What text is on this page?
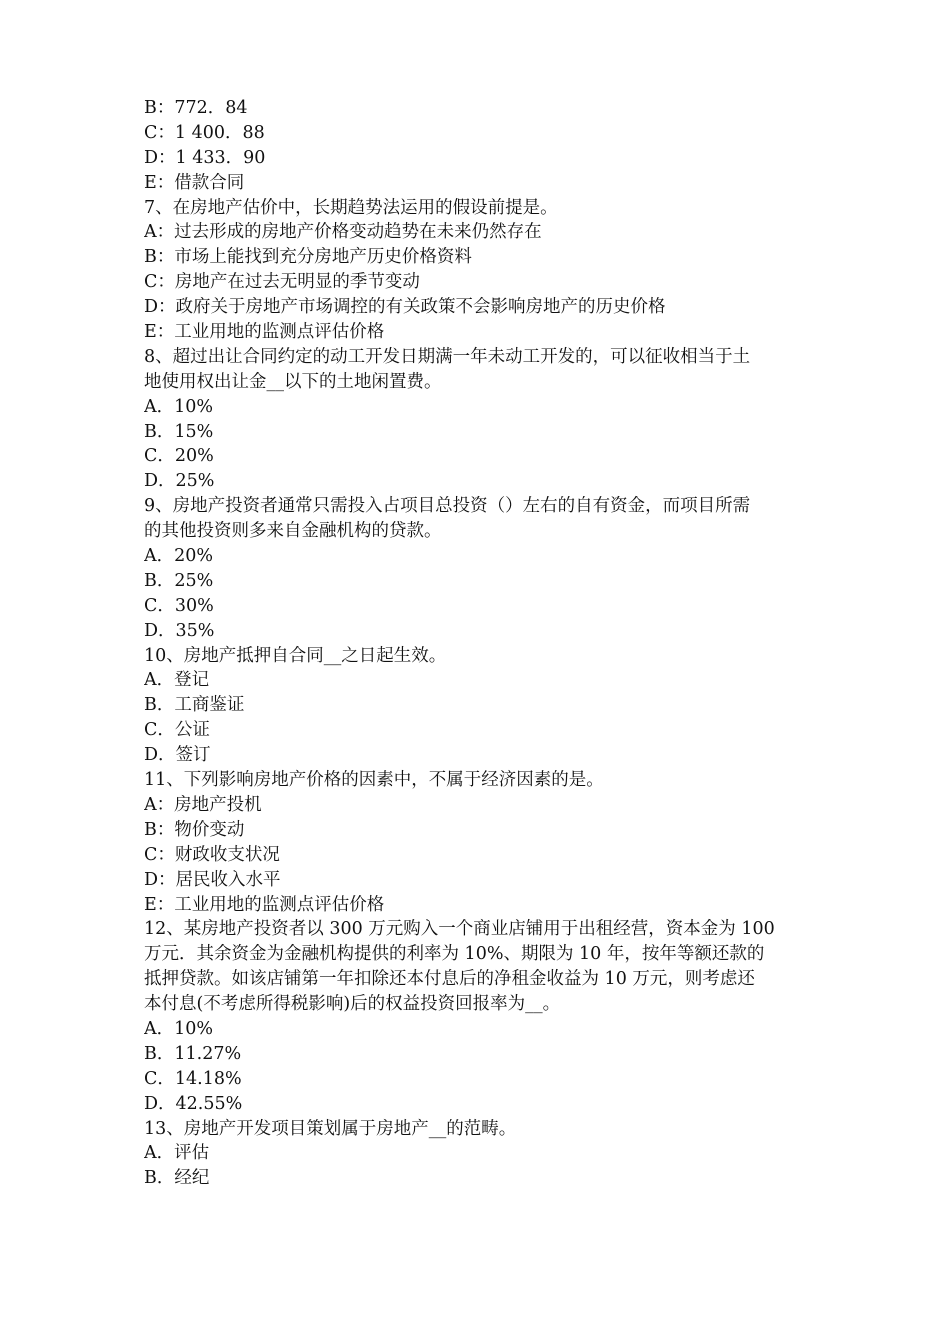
B：772．84
C：1 400．88
D：1 433．90
E：借款合同
7、在房地产估价中，长期趋势法运用的假设前提是。
A：过去形成的房地产价格变动趋势在未来仍然存在
B：市场上能找到充分房地产历史价格资料
C：房地产在过去无明显的季节变动
D：政府关于房地产市场调控的有关政策不会影响房地产的历史价格
E：工业用地的监测点评估价格
8、超过出让合同约定的动工开发日期满一年未动工开发的，可以征收相当于土
地使用权出让金__以下的土地闲置费。
A．10%
B．15%
C．20%
D．25%
9、房地产投资者通常只需投入占项目总投资（）左右的自有资金，而项目所需
的其他投资则多来自金融机构的贷款。
A．20%
B．25%
C．30%
D．35%
10、房地产抵押自合同__之日起生效。
A．登记
B．工商鉴证
C．公证
D．签订
11、下列影响房地产价格的因素中，不属于经济因素的是。
A：房地产投机
B：物价变动
C：财政收支状况
D：居民收入水平
E：工业用地的监测点评估价格
12、某房地产投资者以 300 万元购入一个商业店铺用于出租经营，资本金为 100
万元．其余资金为金融机构提供的利率为 10%、期限为 10 年，按年等额还款的
抵押贷款。如该店铺第一年扣除还本付息后的净租金收益为 10 万元，则考虑还
本付息(不考虑所得税影响)后的权益投资回报率为__。
A．10%
B．11.27%
C．14.18%
D．42.55%
13、房地产开发项目策划属于房地产__的范畴。
A．评估
B．经纪
